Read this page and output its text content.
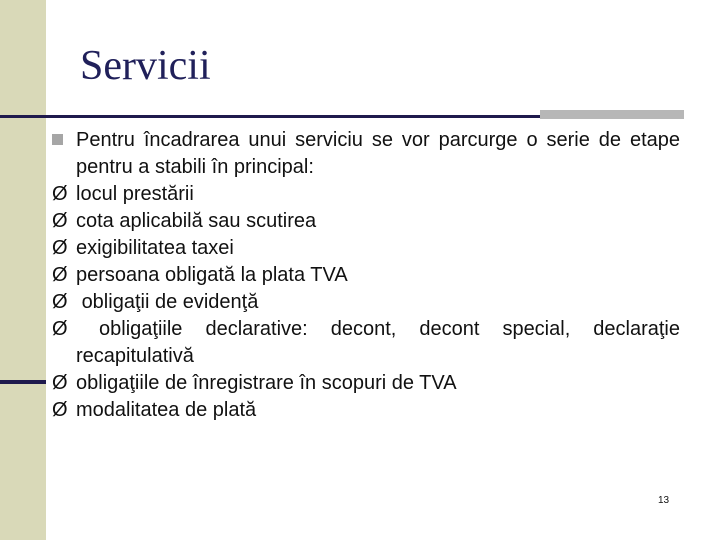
Servicii
Pentru încadrarea unui serviciu se vor parcurge o serie de etape pentru a stabili în principal:
Ø locul prestării
Ø cota aplicabilă sau scutirea
Ø exigibilitatea taxei
Ø persoana obligată la plata TVA
Ø obligaţii de evidenţă
Ø obligaţiile declarative: decont, decont special, declaraţie recapitulativă
Ø obligaţiile de înregistrare în scopuri de TVA
Ø modalitatea de plată
13
